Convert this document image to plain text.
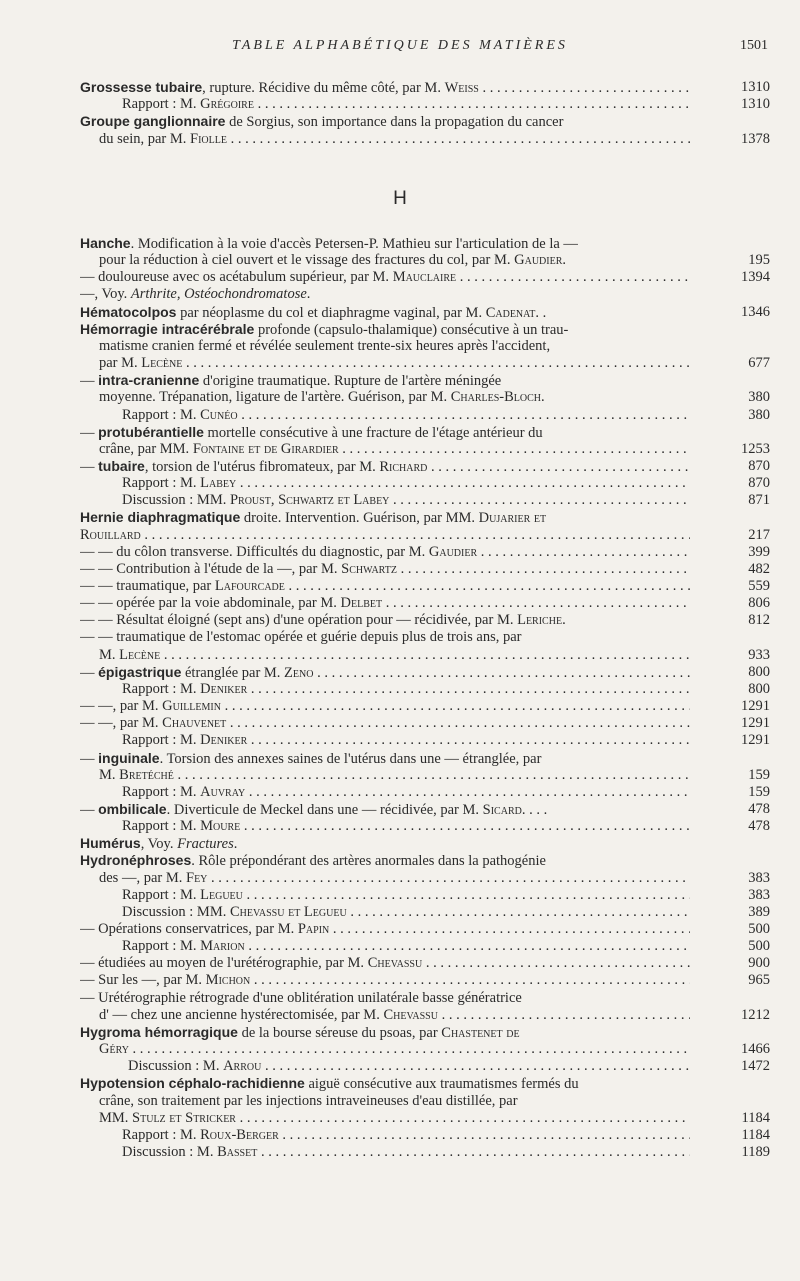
TABLE ALPHABÉTIQUE DES MATIÈRES	1501
Grossesse tubaire, rupture. Récidive du même côté, par M. Weiss . . .	1310
Rapport : M. Grégoire . . .	1310
Groupe ganglionnaire de Sorgius, son importance dans la propagation du cancer
du sein, par M. Fiolle . . .	1378
H
Hanche. Modification à la voie d'accès Petersen-P. Mathieu sur l'articulation de la —
pour la réduction à ciel ouvert et le vissage des fractures du col, par M. Gaudier.	195
— douloureuse avec os acétabulum supérieur, par M. Mauclaire . . .	1394
—, Voy. Arthrite, Ostéochondromatose.
Hématocolpos par néoplasme du col et diaphragme vaginal, par M. Cadenat. .	1346
Hémorragie intracérébrale profonde (capsulo-thalamique) consécutive à un trau-
matisme cranien fermé et révélée seulement trente-six heures après l'accident,
par M. Lecène . . .	677
— intra-cranienne d'origine traumatique. Rupture de l'artère méningée
moyenne. Trépanation, ligature de l'artère. Guérison, par M. Charles-Bloch.	380
Rapport : M. Cunéo . . .	380
— protubérantielle mortelle consécutive à une fracture de l'étage antérieur du
crâne, par MM. Fontaine et de Girardier . . .	1253
— tubaire, torsion de l'utérus fibromateux, par M. Richard . . .	870
Rapport : M. Labey . . .	870
Discussion : MM. Proust, Schwartz et Labey . . .	871
Hernie diaphragmatique droite. Intervention. Guérison, par MM. Dujarier et
Rouillard . . .	217
— — du côlon transverse. Difficultés du diagnostic, par M. Gaudier . . .	399
— — Contribution à l'étude de la —, par M. Schwartz . . .	482
— — traumatique, par Lafourcade . . .	559
— — opérée par la voie abdominale, par M. Delbet . . .	806
— — Résultat éloigné (sept ans) d'une opération pour — récidivée, par M. Leriche.	812
— — traumatique de l'estomac opérée et guérie depuis plus de trois ans, par
M. Lecène . . .	933
— épigastrique étranglée par M. Zeno . . .	800
Rapport : M. Deniker . . .	800
— —, par M. Guillemin . . .	1291
— —, par M. Chauvenet . . .	1291
Rapport : M. Deniker . . .	1291
— inguinale. Torsion des annexes saines de l'utérus dans une — étranglée, par
M. Bretéché . . .	159
Rapport : M. Auvray . . .	159
— ombilicale. Diverticule de Meckel dans une — récidivée, par M. Sicard. . . .	478
Rapport : M. Moure . . .	478
Humérus, Voy. Fractures.
Hydronéphroses. Rôle prépondérant des artères anormales dans la pathogénie
des —, par M. Fey . . .	383
Rapport : M. Legueu . . .	383
Discussion : MM. Chevassu et Legueu . . .	389
— Opérations conservatrices, par M. Papin . . .	500
Rapport : M. Marion . . .	500
— étudiées au moyen de l'urétérographie, par M. Chevassu . . .	900
— Sur les —, par M. Michon . . .	965
— Urétérographie rétrograde d'une oblitération unilatérale basse génératrice
d' — chez une ancienne hystérectomisée, par M. Chevassu . . .	1212
Hygroma hémorragique de la bourse séreuse du psoas, par Chastenet de
Géry . . .	1466
Discussion : M. Arrou . . .	1472
Hypotension céphalo-rachidienne aiguë consécutive aux traumatismes fermés du
crâne, son traitement par les injections intraveineuses d'eau distillée, par
MM. Stulz et Stricker . . .	1184
Rapport : M. Roux-Berger . . .	1184
Discussion : M. Basset . . .	1189
